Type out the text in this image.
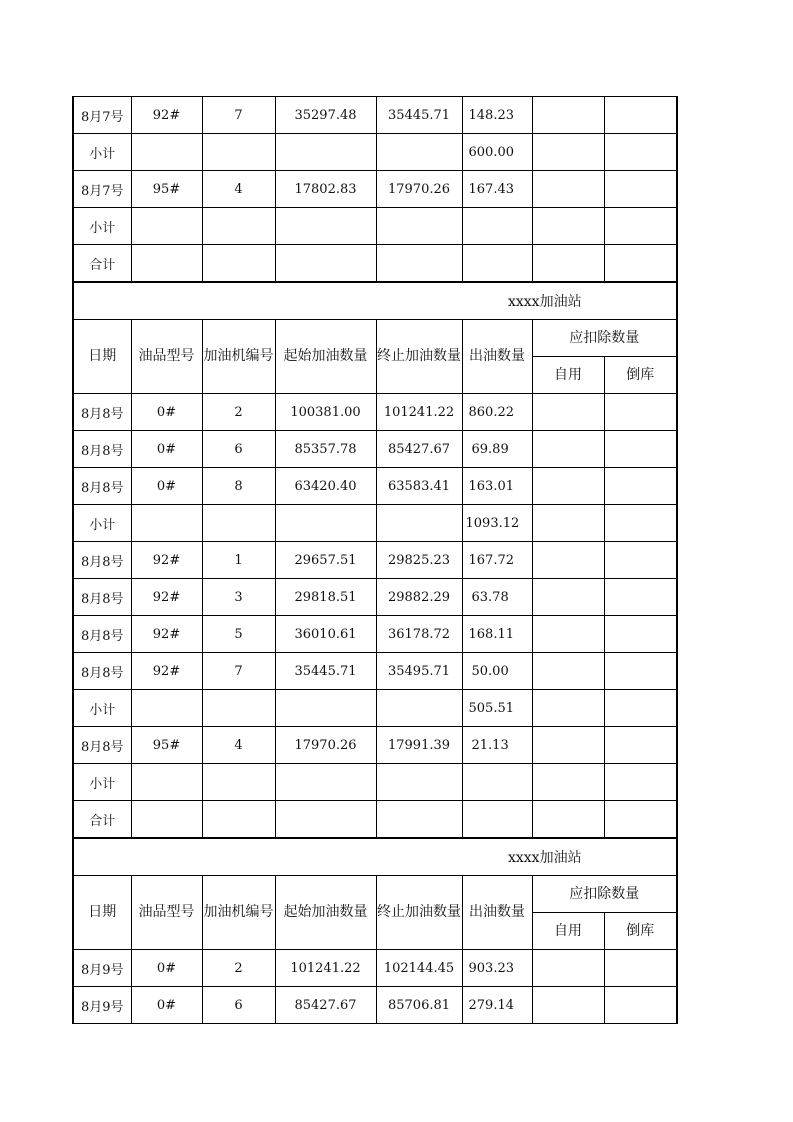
8月7号	92#	7	35297.48	35445.71	148.23		
小计					600.00		
8月7号	95#	4	17802.83	17970.26	167.43		
小计							
合计							
xxxx加油站							
日期	油品型号	加油机编号	起始加油数量	终止加油数量	出油数量	应扣除数量	
						自用	倒库
8月8号	0#	2	100381.00	101241.22	860.22		
8月8号	0#	6	85357.78	85427.67	69.89		
8月8号	0#	8	63420.40	63583.41	163.01		
小计					1093.12		
8月8号	92#	1	29657.51	29825.23	167.72		
8月8号	92#	3	29818.51	29882.29	63.78		
8月8号	92#	5	36010.61	36178.72	168.11		
8月8号	92#	7	35445.71	35495.71	50.00		
小计					505.51		
8月8号	95#	4	17970.26	17991.39	21.13		
小计							
合计							
xxxx加油站							
日期	油品型号	加油机编号	起始加油数量	终止加油数量	出油数量	应扣除数量	
						自用	倒库
8月9号	0#	2	101241.22	102144.45	903.23		
8月9号	0#	6	85427.67	85706.81	279.14		
